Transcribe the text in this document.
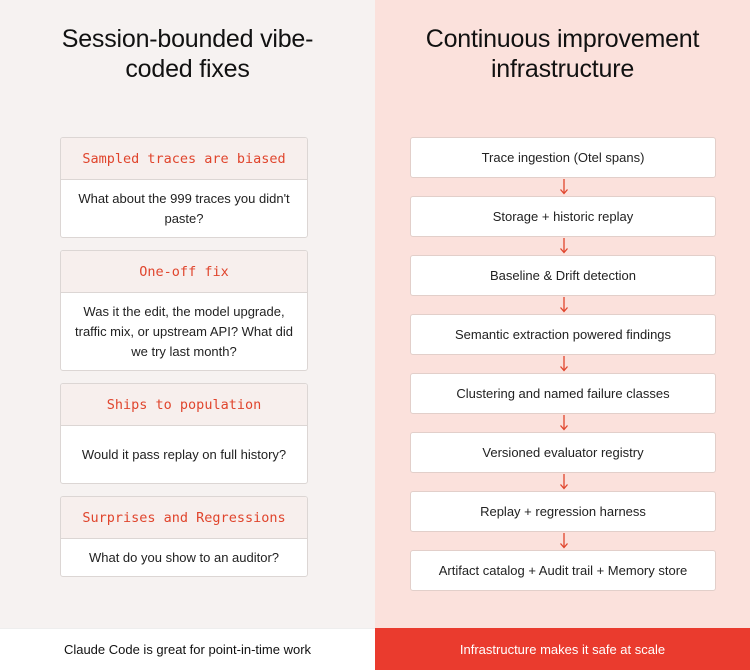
Session-bounded vibe-
coded fixes
Sampled traces are biased
What about the 999 traces you didn't paste?
One-off fix
Was it the edit, the model upgrade, traffic mix, or upstream API? What did we try last month?
Ships to population
Would it pass replay on full history?
Surprises and Regressions
What do you show to an auditor?
Continuous improvement
infrastructure
Trace ingestion (Otel spans)
Storage + historic replay
Baseline & Drift detection
Semantic extraction powered findings
Clustering and named failure classes
Versioned evaluator registry
Replay + regression harness
Artifact catalog + Audit trail + Memory store
Claude Code is great for point-in-time work	Infrastructure makes it safe at scale
